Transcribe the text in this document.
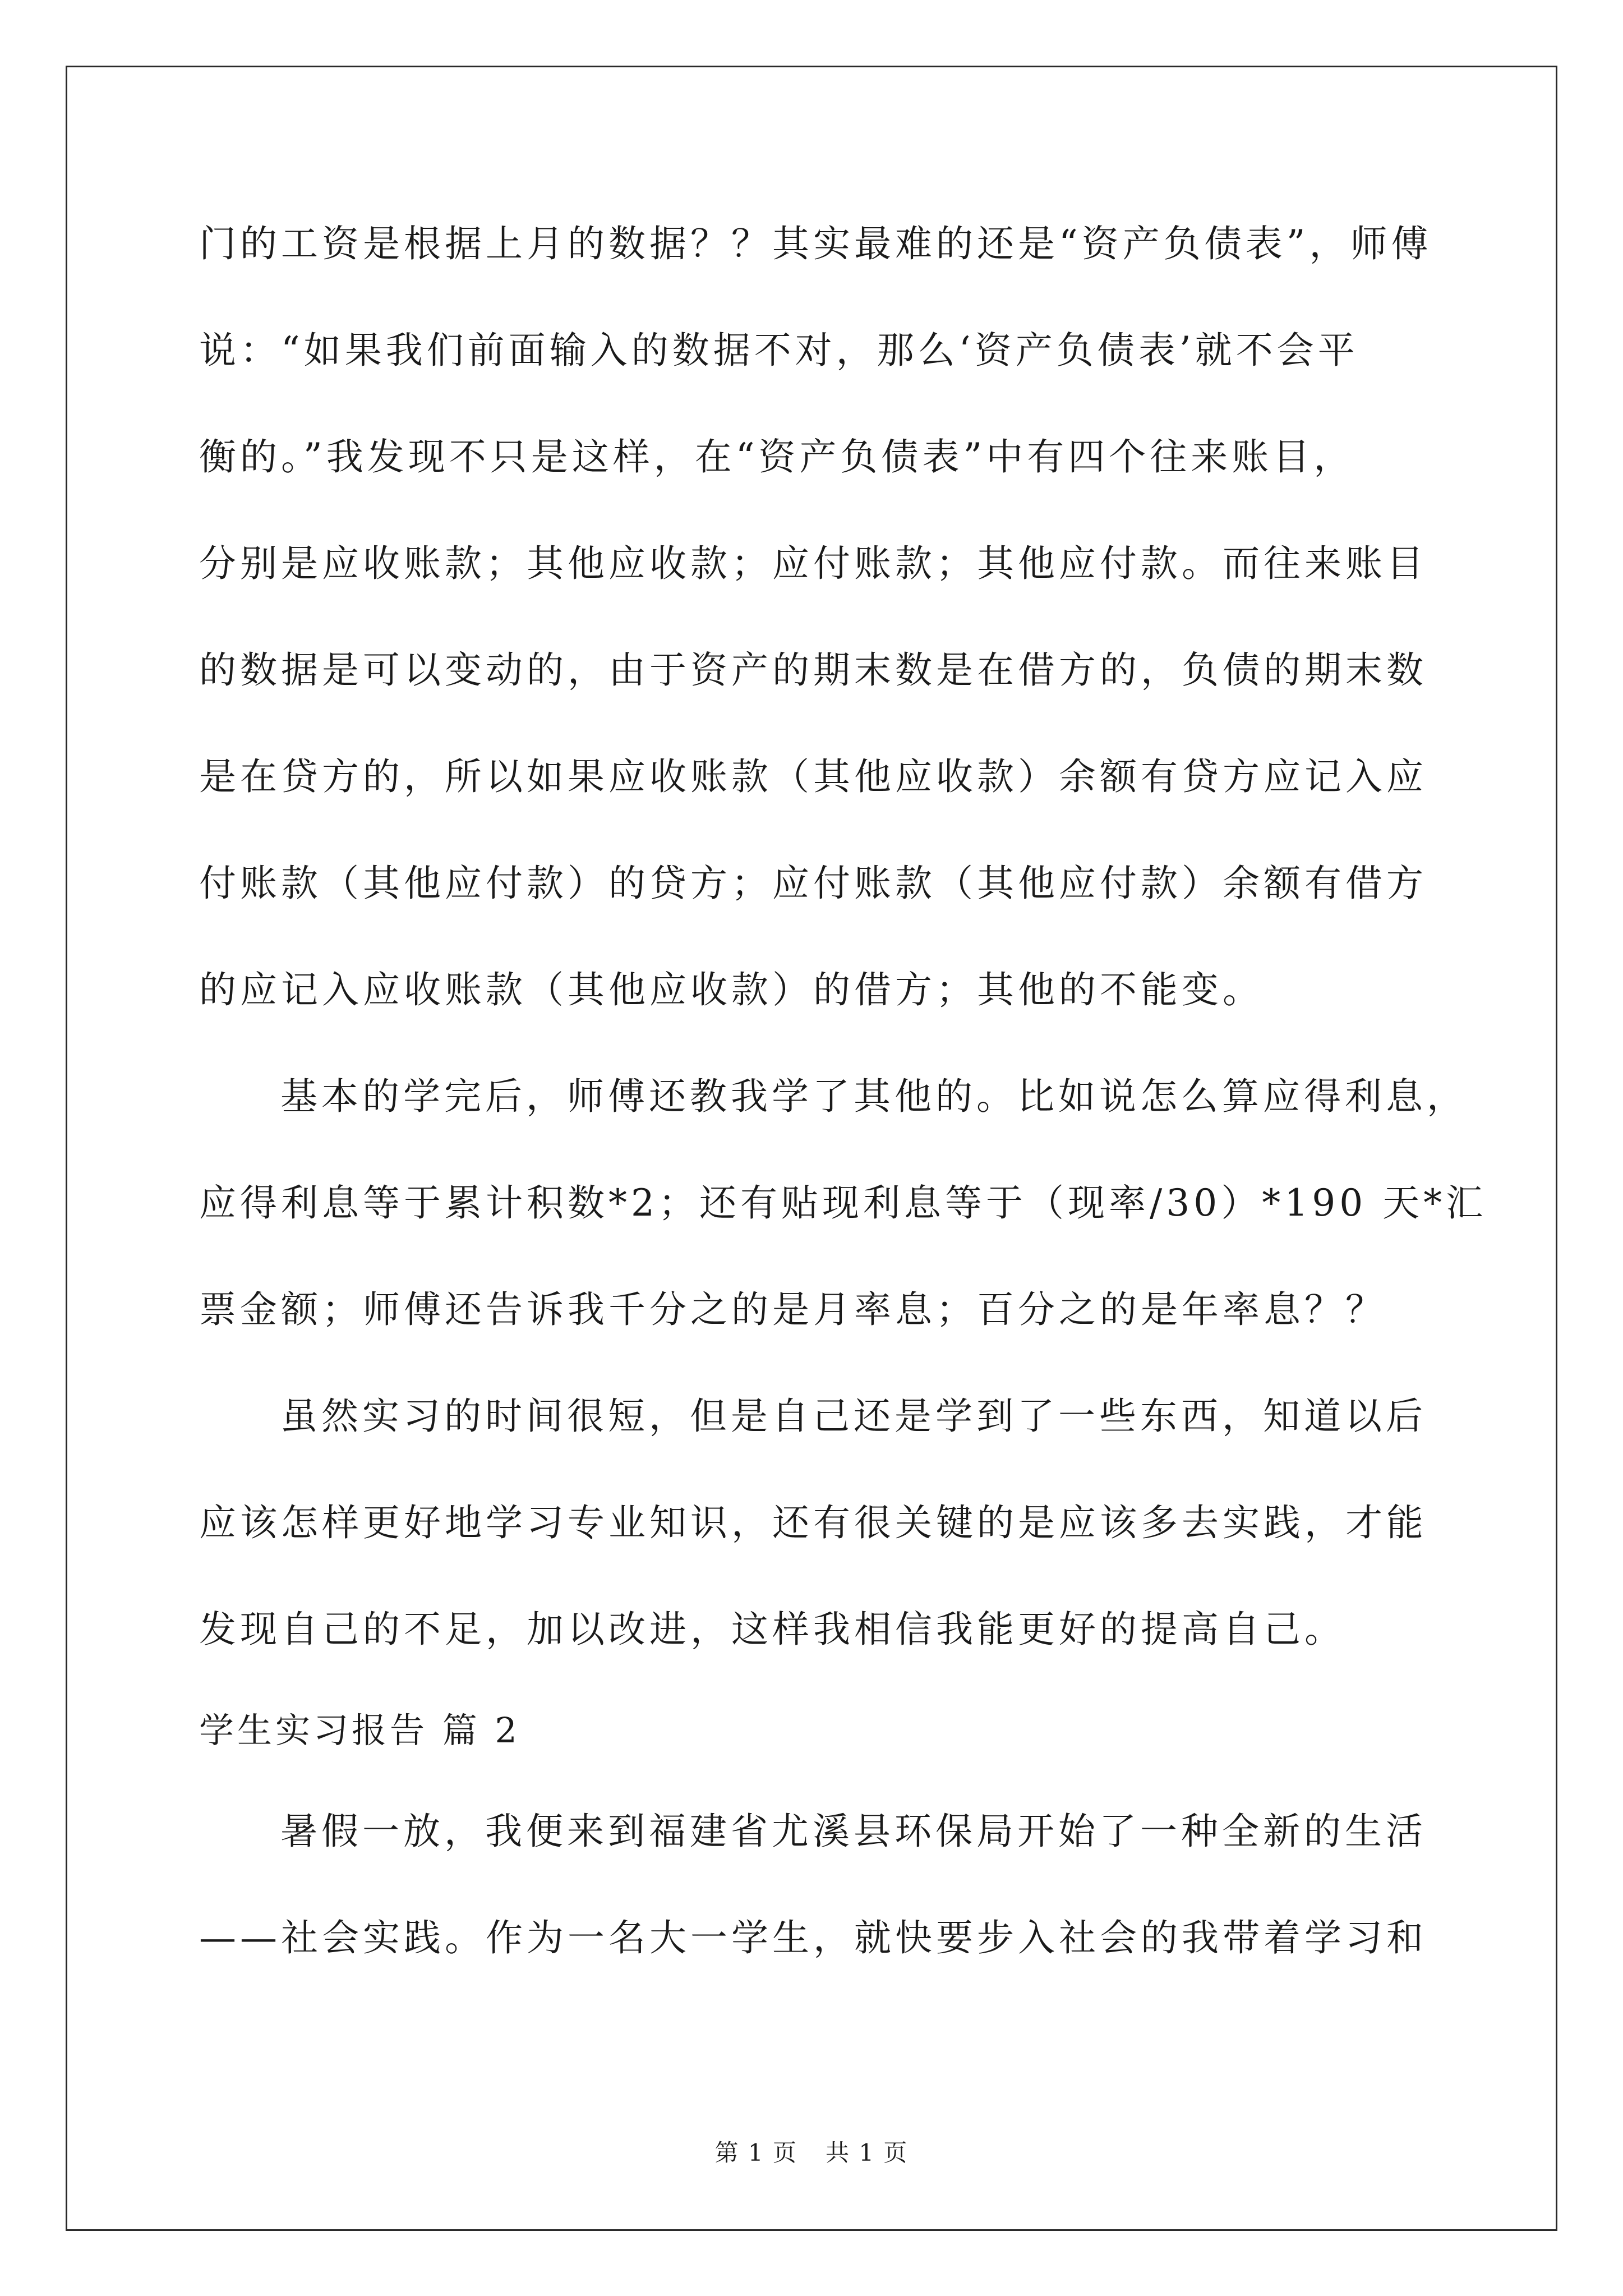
门的工资是根据上月的数据？？其实最难的还是“资产负债表”，师傅
说：“如果我们前面输入的数据不对，那么‘资产负债表’就不会平
衡的。”我发现不只是这样，在“资产负债表”中有四个往来账目，
分别是应收账款；其他应收款；应付账款；其他应付款。而往来账目
的数据是可以变动的，由于资产的期末数是在借方的，负债的期末数
是在贷方的，所以如果应收账款（其他应收款）余额有贷方应记入应
付账款（其他应付款）的贷方；应付账款（其他应付款）余额有借方
的应记入应收账款（其他应收款）的借方；其他的不能变。
基本的学完后，师傅还教我学了其他的。比如说怎么算应得利息，
应得利息等于累计积数*2；还有贴现利息等于（现率/30）*190 天*汇
票金额；师傅还告诉我千分之的是月率息；百分之的是年率息？？
虽然实习的时间很短，但是自己还是学到了一些东西，知道以后
应该怎样更好地学习专业知识，还有很关键的是应该多去实践，才能
发现自己的不足，加以改进，这样我相信我能更好的提高自己。
学生实习报告 篇 2
暑假一放，我便来到福建省尤溪县环保局开始了一种全新的生活
——社会实践。作为一名大一学生，就快要步入社会的我带着学习和
第 1 页 共 1 页
